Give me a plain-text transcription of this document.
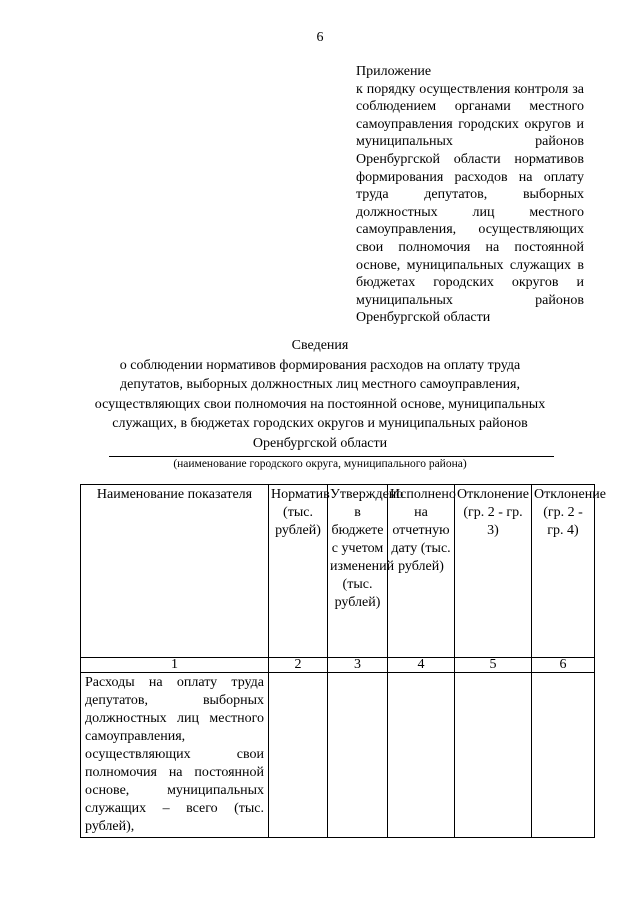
6
Приложение
к порядку осуществления контроля за соблюдением органами местного самоуправления городских округов и муниципальных районов Оренбургской области нормативов формирования расходов на оплату труда депутатов, выборных должностных лиц местного самоуправления, осуществляющих свои полномочия на постоянной основе, муниципальных служащих в бюджетах городских округов и муниципальных районов Оренбургской области
Сведения
о соблюдении нормативов формирования расходов на оплату труда депутатов, выборных должностных лиц местного самоуправления, осуществляющих свои полномочия на постоянной основе, муниципальных служащих, в бюджетах городских округов и муниципальных районов Оренбургской области
(наименование городского округа, муниципального района)
Наименование показателя	Норматив (тыс. рублей)	Утверждено в бюджете с учетом изменений (тыс. рублей)	Исполнено на отчетную дату (тыс. рублей)	Отклонение (гр. 2 - гр. 3)	Отклонение (гр. 2 - гр. 4)

1	2	3	4	5	6
Расходы на оплату труда депутатов, выборных должностных лиц местного самоуправления, осуществляющих свои полномочия на постоянной основе, муниципальных служащих – всего (тыс. рублей),					
